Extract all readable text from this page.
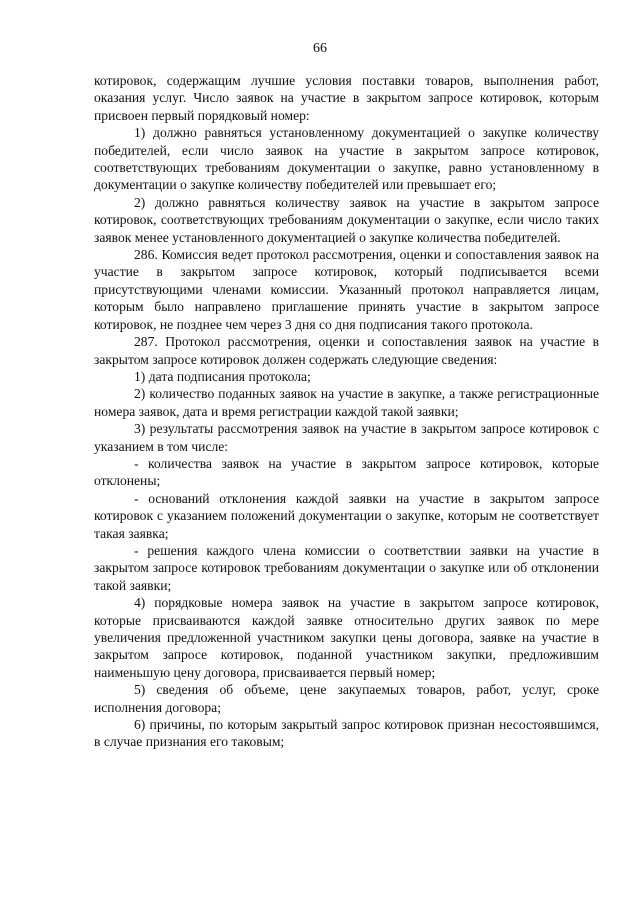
66

котировок, содержащим лучшие условия поставки товаров, выполнения работ, оказания услуг. Число заявок на участие в закрытом запросе котировок, которым присвоен первый порядковый номер:

1) должно равняться установленному документацией о закупке количеству победителей, если число заявок на участие в закрытом запросе котировок, соответствующих требованиям документации о закупке, равно установленному в документации о закупке количеству победителей или превышает его;

2) должно равняться количеству заявок на участие в закрытом запросе котировок, соответствующих требованиям документации о закупке, если число таких заявок менее установленного документацией о закупке количества победителей.

286. Комиссия ведет протокол рассмотрения, оценки и сопоставления заявок на участие в закрытом запросе котировок, который подписывается всеми присутствующими членами комиссии. Указанный протокол направляется лицам, которым было направлено приглашение принять участие в закрытом запросе котировок, не позднее чем через 3 дня со дня подписания такого протокола.

287. Протокол рассмотрения, оценки и сопоставления заявок на участие в закрытом запросе котировок должен содержать следующие сведения:

1) дата подписания протокола;

2) количество поданных заявок на участие в закупке, а также регистрационные номера заявок, дата и время регистрации каждой такой заявки;

3) результаты рассмотрения заявок на участие в закрытом запросе котировок с указанием в том числе:

- количества заявок на участие в закрытом запросе котировок, которые отклонены;

- оснований отклонения каждой заявки на участие в закрытом запросе котировок с указанием положений документации о закупке, которым не соответствует такая заявка;

- решения каждого члена комиссии о соответствии заявки на участие в закрытом запросе котировок требованиям документации о закупке или об отклонении такой заявки;

4) порядковые номера заявок на участие в закрытом запросе котировок, которые присваиваются каждой заявке относительно других заявок по мере увеличения предложенной участником закупки цены договора, заявке на участие в закрытом запросе котировок, поданной участником закупки, предложившим наименьшую цену договора, присваивается первый номер;

5) сведения об объеме, цене закупаемых товаров, работ, услуг, сроке исполнения договора;

6) причины, по которым закрытый запрос котировок признан несостоявшимся, в случае признания его таковым;
